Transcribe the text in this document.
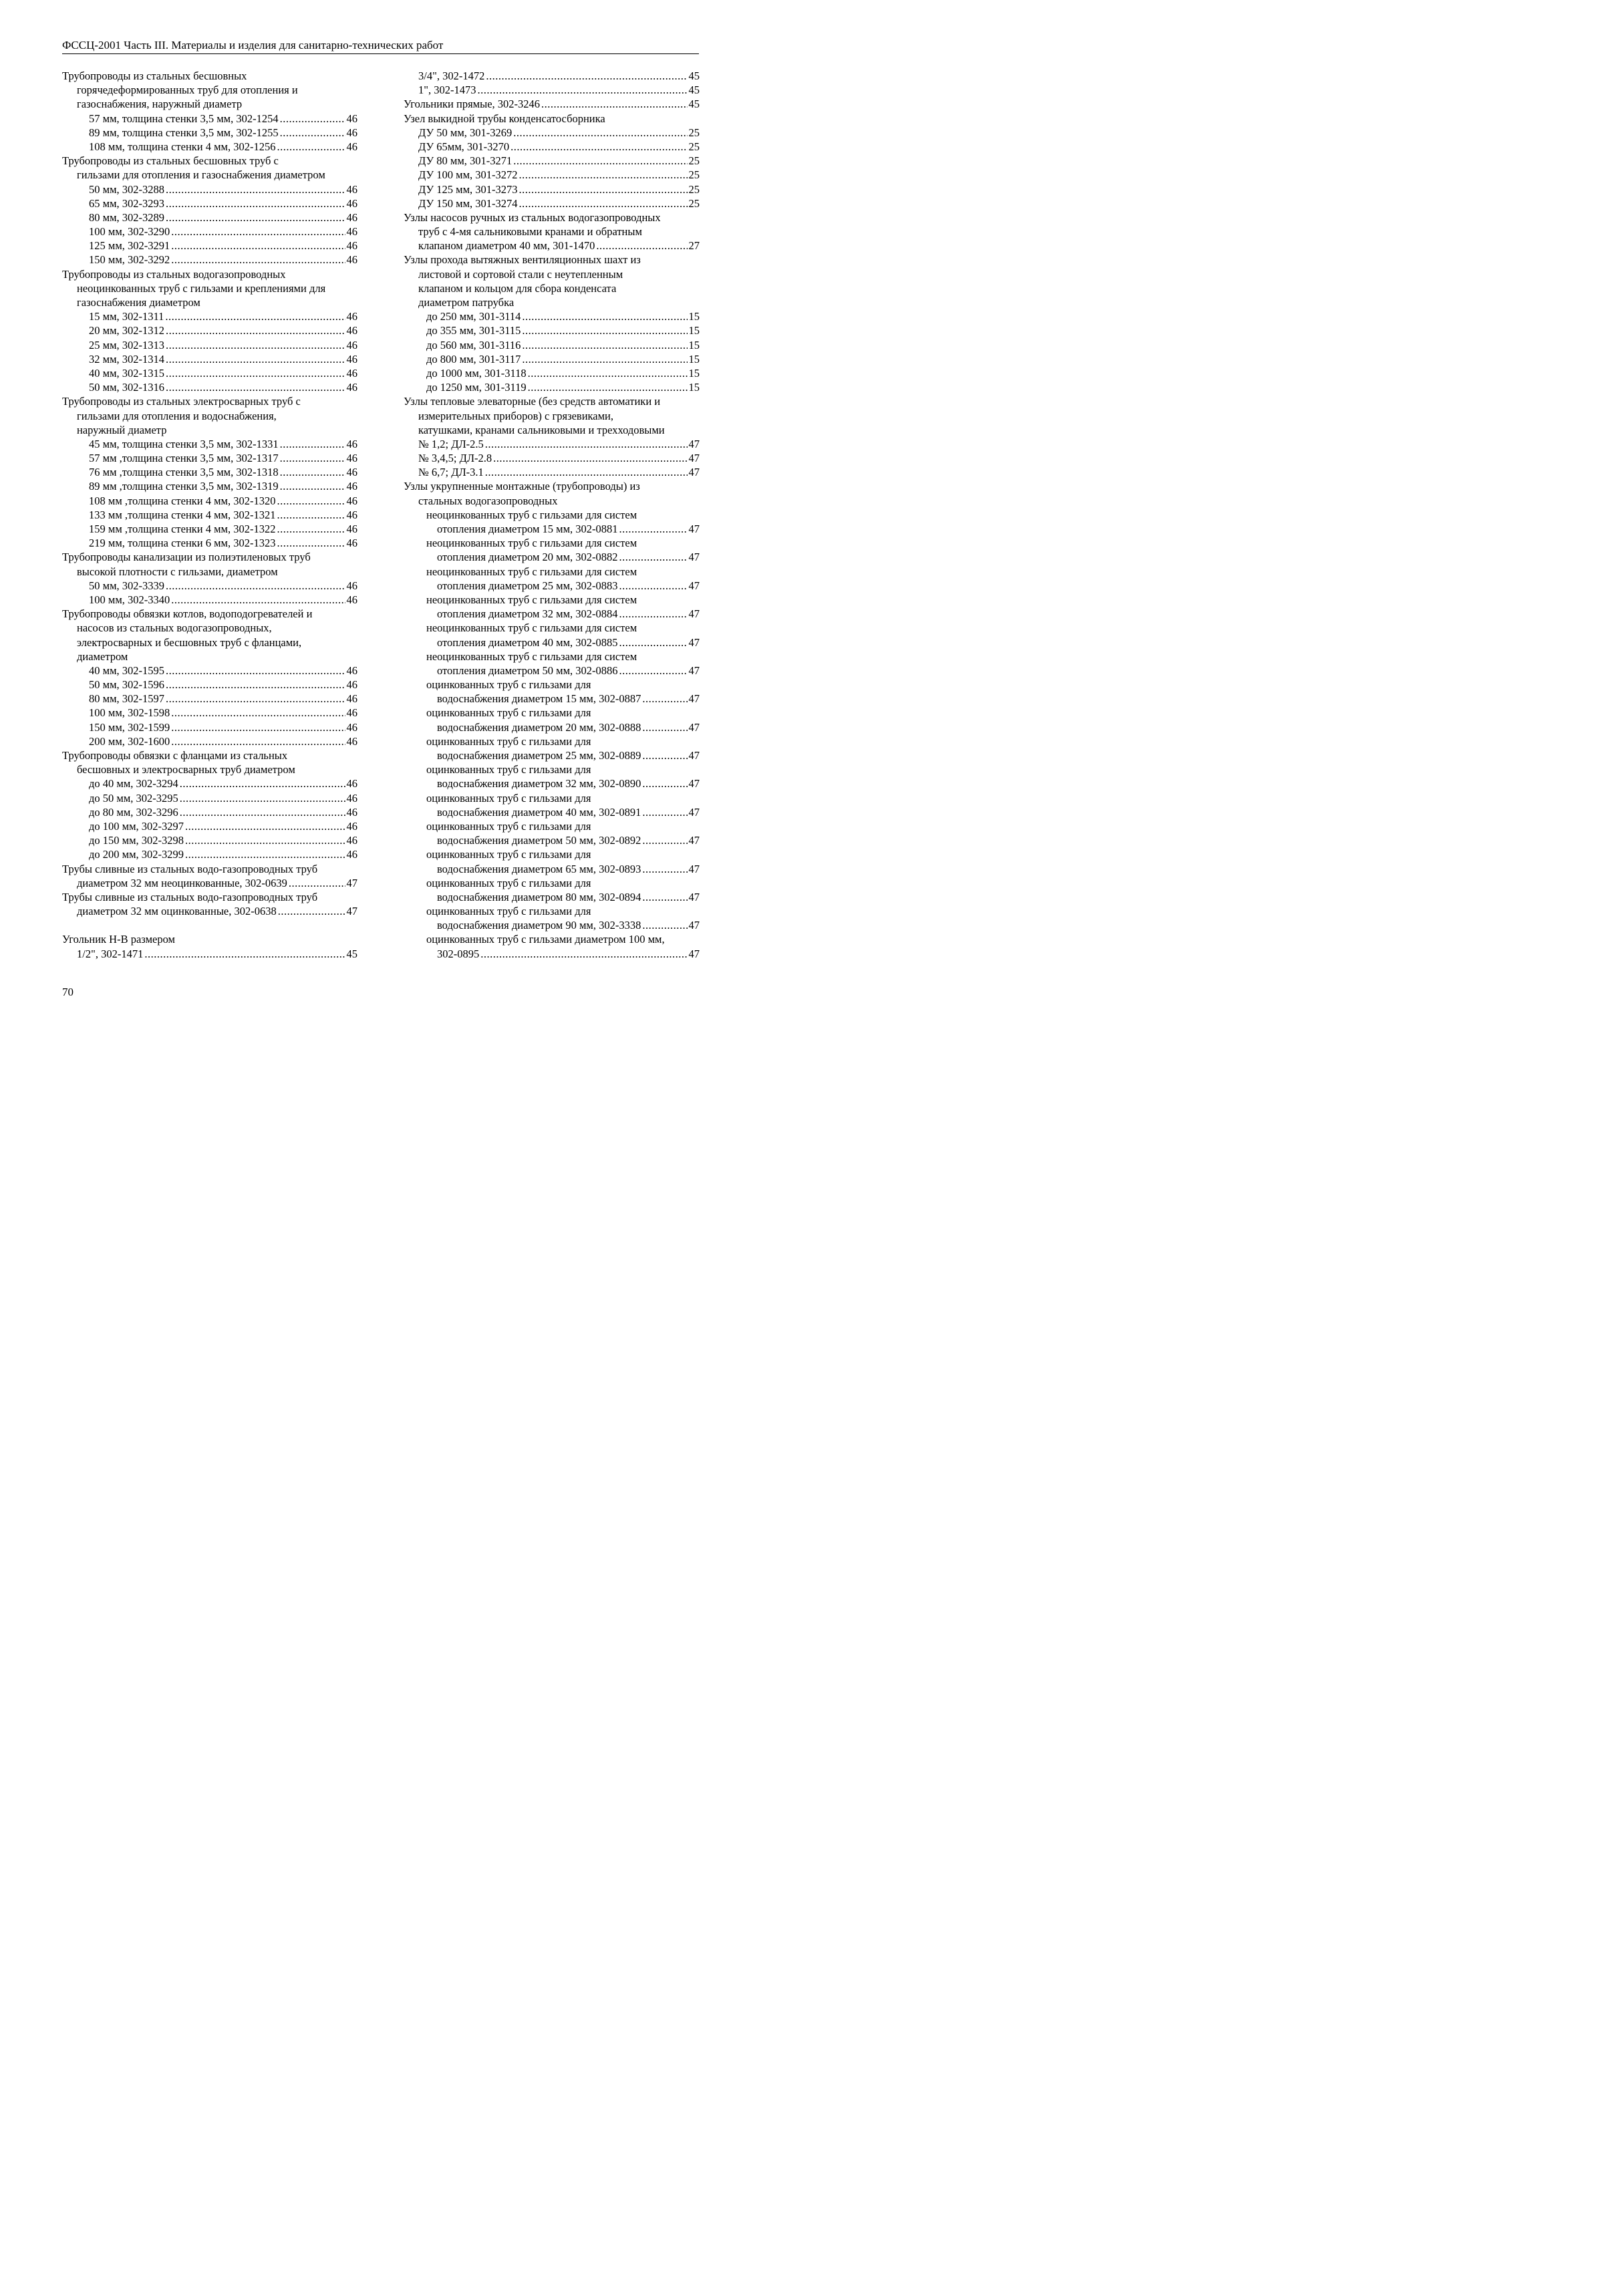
ФССЦ-2001 Часть III. Материалы и изделия для санитарно-технических работ
Трубопроводы из стальных бесшовных
горячедеформированных труб для отопления и
газоснабжения, наружный диаметр
57 мм, толщина стенки 3,5 мм, 302-1254 .....	46
89 мм, толщина стенки 3,5 мм, 302-1255 .....	46
108 мм, толщина стенки 4 мм, 302-1256 .....	46
Трубопроводы из стальных бесшовных труб с
гильзами для отопления и газоснабжения диаметром
50 мм, 302-3288 .....	46
65 мм, 302-3293 .....	46
80 мм, 302-3289 .....	46
100 мм, 302-3290 .....	46
125 мм, 302-3291 .....	46
150 мм, 302-3292 .....	46
Трубопроводы из стальных водогазопроводных
неоцинкованных труб с гильзами и креплениями для
газоснабжения диаметром
15 мм, 302-1311 .....	46
20 мм, 302-1312 .....	46
25 мм, 302-1313 .....	46
32 мм, 302-1314 .....	46
40 мм, 302-1315 .....	46
50 мм, 302-1316 .....	46
Трубопроводы из стальных электросварных труб с
гильзами для отопления и водоснабжения,
наружный диаметр
45 мм, толщина стенки 3,5 мм, 302-1331 .....	46
57 мм ,толщина стенки 3,5 мм, 302-1317 .....	46
76 мм ,толщина стенки 3,5 мм, 302-1318 .....	46
89 мм ,толщина стенки 3,5 мм, 302-1319 .....	46
108 мм ,толщина стенки 4 мм, 302-1320 .....	46
133 мм ,толщина стенки 4 мм, 302-1321 .....	46
159 мм ,толщина стенки 4 мм, 302-1322 .....	46
219 мм, толщина стенки 6 мм, 302-1323 .....	46
Трубопроводы канализации из полиэтиленовых труб
высокой плотности с гильзами, диаметром
50 мм, 302-3339 .....	46
100 мм, 302-3340 .....	46
Трубопроводы обвязки котлов, водоподогревателей и
насосов из стальных водогазопроводных,
электросварных и бесшовных труб с фланцами,
диаметром
40 мм, 302-1595 .....	46
50 мм, 302-1596 .....	46
80 мм, 302-1597 .....	46
100 мм, 302-1598 .....	46
150 мм, 302-1599 .....	46
200 мм, 302-1600 .....	46
Трубопроводы обвязки с фланцами из стальных
бесшовных и электросварных труб диаметром
до 40 мм, 302-3294 .....	46
до 50 мм, 302-3295 .....	46
до 80 мм, 302-3296 .....	46
до 100 мм, 302-3297 .....	46
до 150 мм, 302-3298 .....	46
до 200 мм, 302-3299 .....	46
Трубы сливные из стальных водо-газопроводных труб
диаметром 32 мм неоцинкованные, 302-0639 .....	47
Трубы сливные из стальных водо-газопроводных труб
диаметром 32 мм оцинкованные, 302-0638 .....	47
Угольник Н-В размером
1/2", 302-1471 .....	45
3/4", 302-1472 .....	45
1", 302-1473 .....	45
Угольники прямые, 302-3246 .....	45
Узел выкидной трубы конденсатосборника
ДУ 50 мм, 301-3269 .....	25
ДУ 65мм, 301-3270 .....	25
ДУ 80 мм, 301-3271 .....	25
ДУ 100 мм, 301-3272 .....	25
ДУ 125 мм, 301-3273 .....	25
ДУ 150 мм, 301-3274 .....	25
Узлы насосов ручных из стальных водогазопроводных
труб с 4-мя сальниковыми кранами и обратным
клапаном диаметром 40 мм, 301-1470 .....	27
Узлы прохода вытяжных вентиляционных шахт из
листовой и сортовой стали с неутепленным
клапаном и кольцом для сбора конденсата
диаметром патрубка
до 250 мм, 301-3114 .....	15
до 355 мм, 301-3115 .....	15
до 560 мм, 301-3116 .....	15
до 800 мм, 301-3117 .....	15
до 1000 мм, 301-3118 .....	15
до 1250 мм, 301-3119 .....	15
Узлы тепловые элеваторные (без средств автоматики и
измерительных приборов) с грязевиками,
катушками, кранами сальниковыми и трехходовыми
№ 1,2; ДЛ-2.5 .....	47
№ 3,4,5; ДЛ-2.8 .....	47
№ 6,7; ДЛ-3.1 .....	47
Узлы укрупненные монтажные (трубопроводы) из
стальных водогазопроводных
неоцинкованных труб с гильзами для систем
отопления диаметром 15 мм, 302-0881 .....	47
неоцинкованных труб с гильзами для систем
отопления диаметром 20 мм, 302-0882 .....	47
неоцинкованных труб с гильзами для систем
отопления диаметром 25 мм, 302-0883 .....	47
неоцинкованных труб с гильзами для систем
отопления диаметром 32 мм, 302-0884 .....	47
неоцинкованных труб с гильзами для систем
отопления диаметром 40 мм, 302-0885 .....	47
неоцинкованных труб с гильзами для систем
отопления диаметром 50 мм, 302-0886 .....	47
оцинкованных труб с гильзами для
водоснабжения диаметром 15 мм, 302-0887 .....	47
оцинкованных труб с гильзами для
водоснабжения диаметром 20 мм, 302-0888 .....	47
оцинкованных труб с гильзами для
водоснабжения диаметром 25 мм, 302-0889 .....	47
оцинкованных труб с гильзами для
водоснабжения диаметром 32 мм, 302-0890 .....	47
оцинкованных труб с гильзами для
водоснабжения диаметром 40 мм, 302-0891 .....	47
оцинкованных труб с гильзами для
водоснабжения диаметром 50 мм, 302-0892 .....	47
оцинкованных труб с гильзами для
водоснабжения диаметром 65 мм, 302-0893 .....	47
оцинкованных труб с гильзами для
водоснабжения диаметром 80 мм, 302-0894 .....	47
оцинкованных труб с гильзами для
водоснабжения диаметром 90 мм, 302-3338 .....	47
оцинкованных труб с гильзами диаметром 100 мм,
302-0895 .....	47
70
